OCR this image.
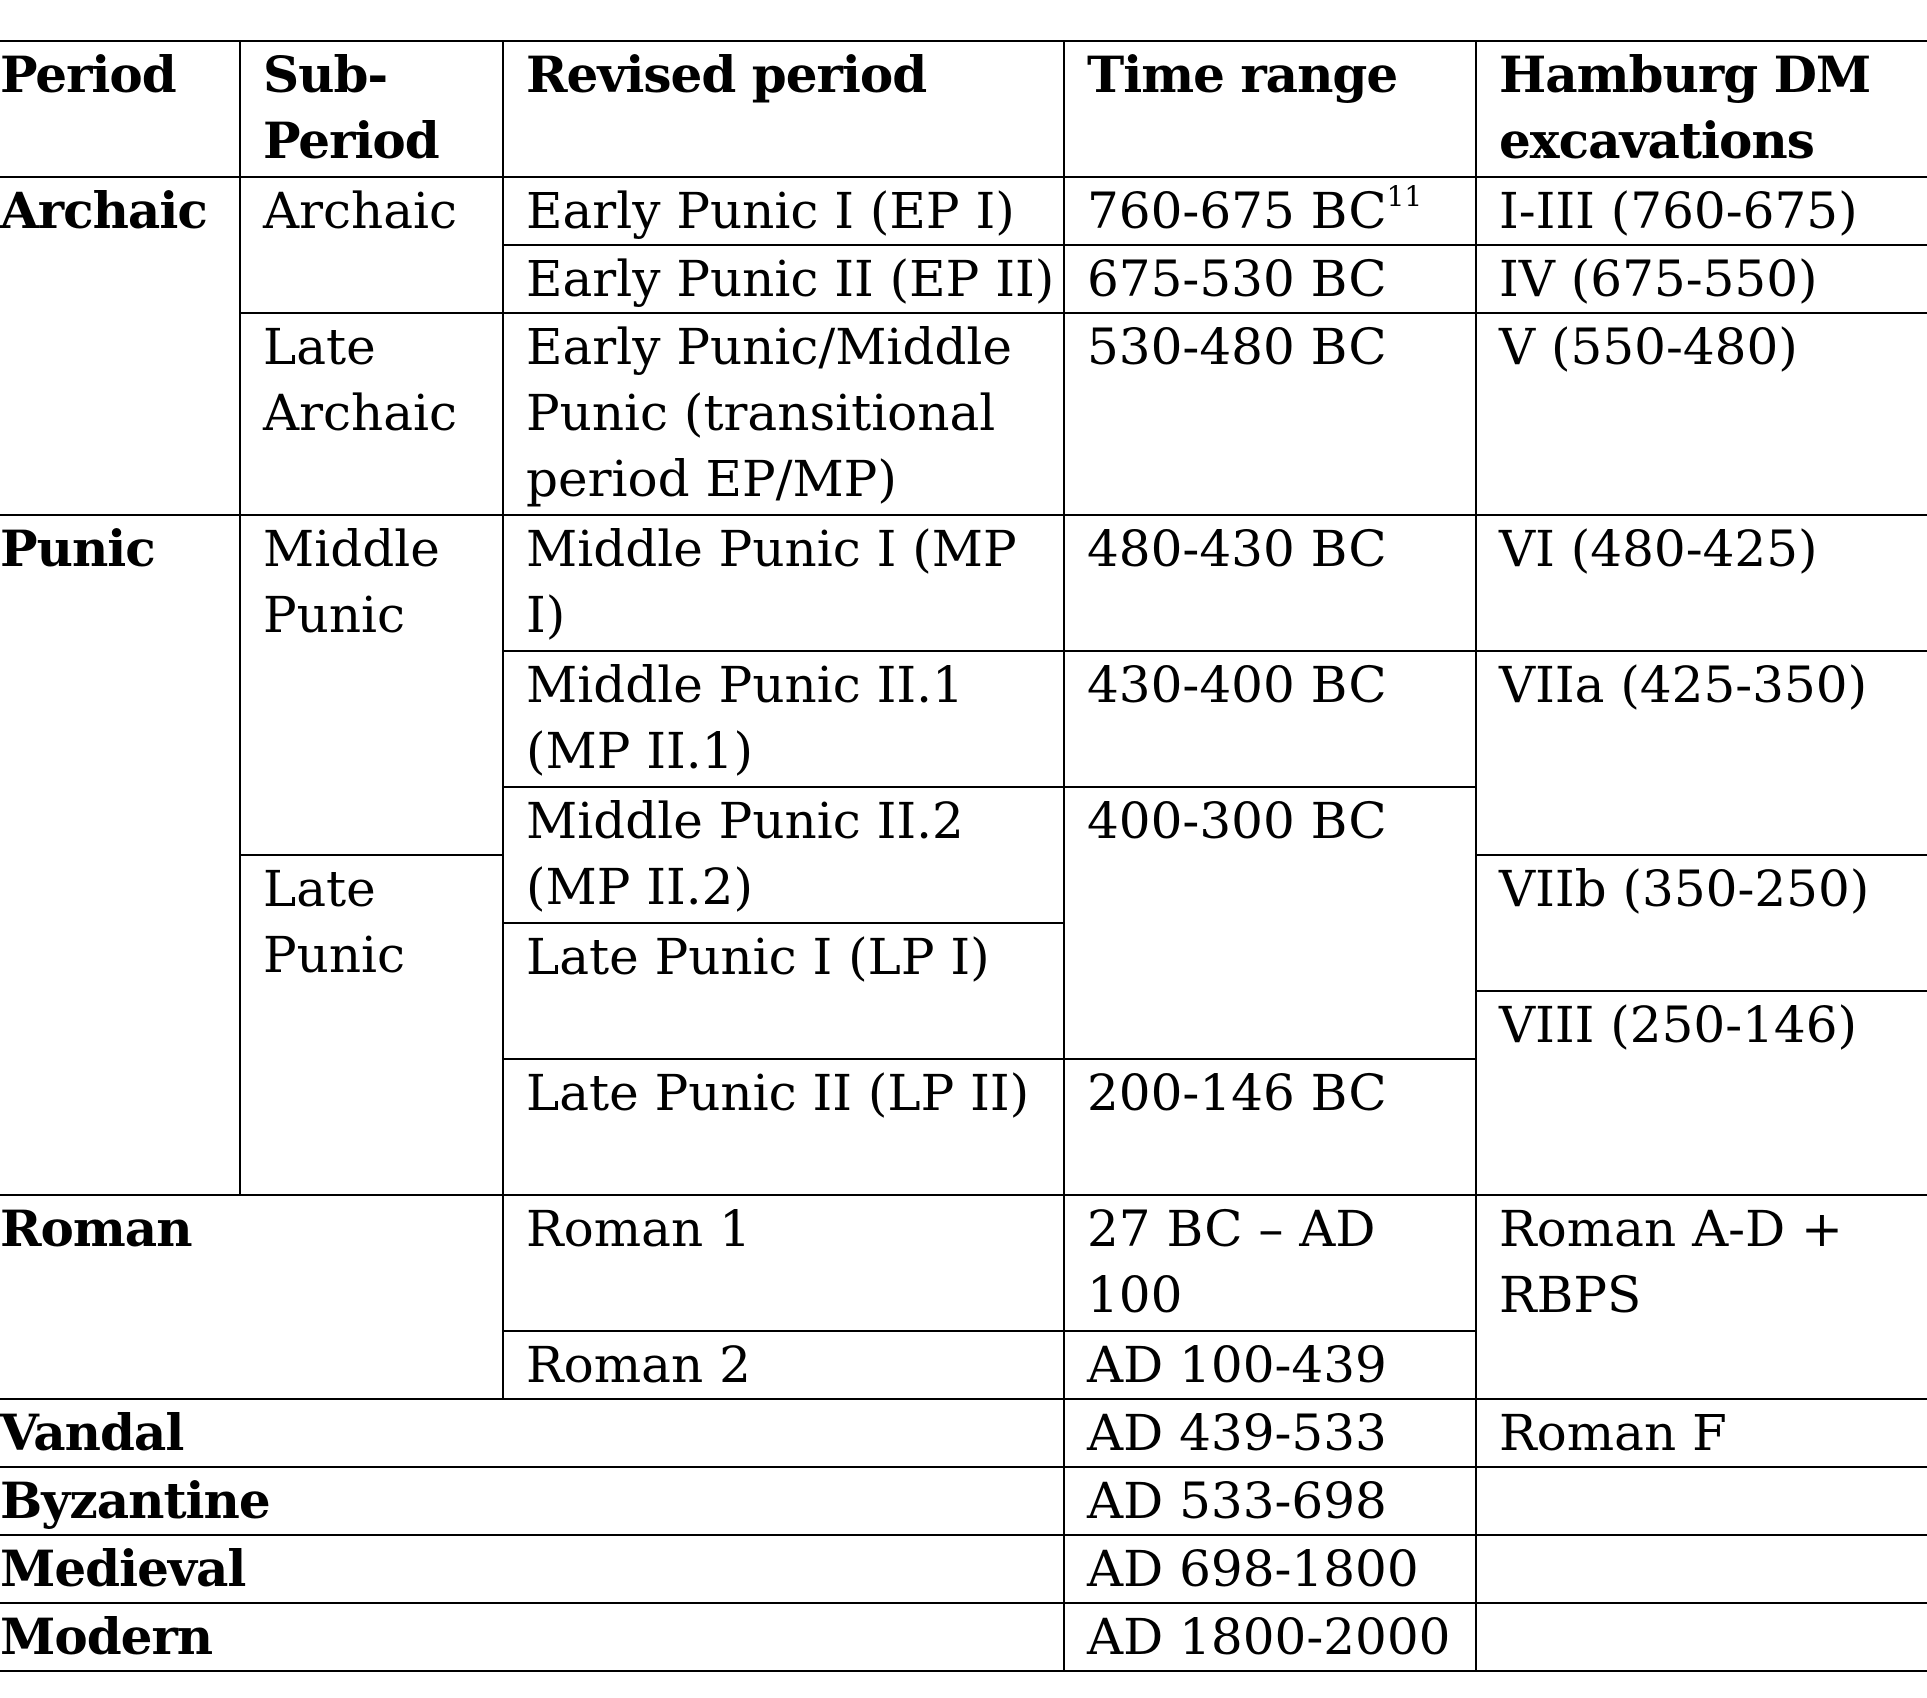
Period	Sub-Period	Revised period	Time range	Hamburg DM excavations
Archaic	Archaic	Early Punic I (EP I)	760-675 BC$^{11}$	I-III (760-675)
		Early Punic II (EP II)	675-530 BC	IV (675-550)
	Late Archaic	Early Punic/Middle Punic (transitional period EP/MP)	530-480 BC	V (550-480)
Punic	Middle Punic	Middle Punic I (MP I)	480-430 BC	VI (480-425)

		Middle Punic II.1 (MP II.1)	430-400 BC	VIIa (425-350)

		Middle Punic II.2 (MP II.2)	400-300 BC	
	Late Punic			VIIb (350-250)
		Late Punic I (LP I)		
				VIII (250-146)
		Late Punic II (LP II)	200-146 BC	

Roman		Roman 1	27 BC – AD 100	Roman A-D + RBPS
		Roman 2	AD 100-439	
Vandal			AD 439-533	Roman F
Byzantine			AD 533-698	
Medieval			AD 698-1800	
Modern			AD 1800-2000	
